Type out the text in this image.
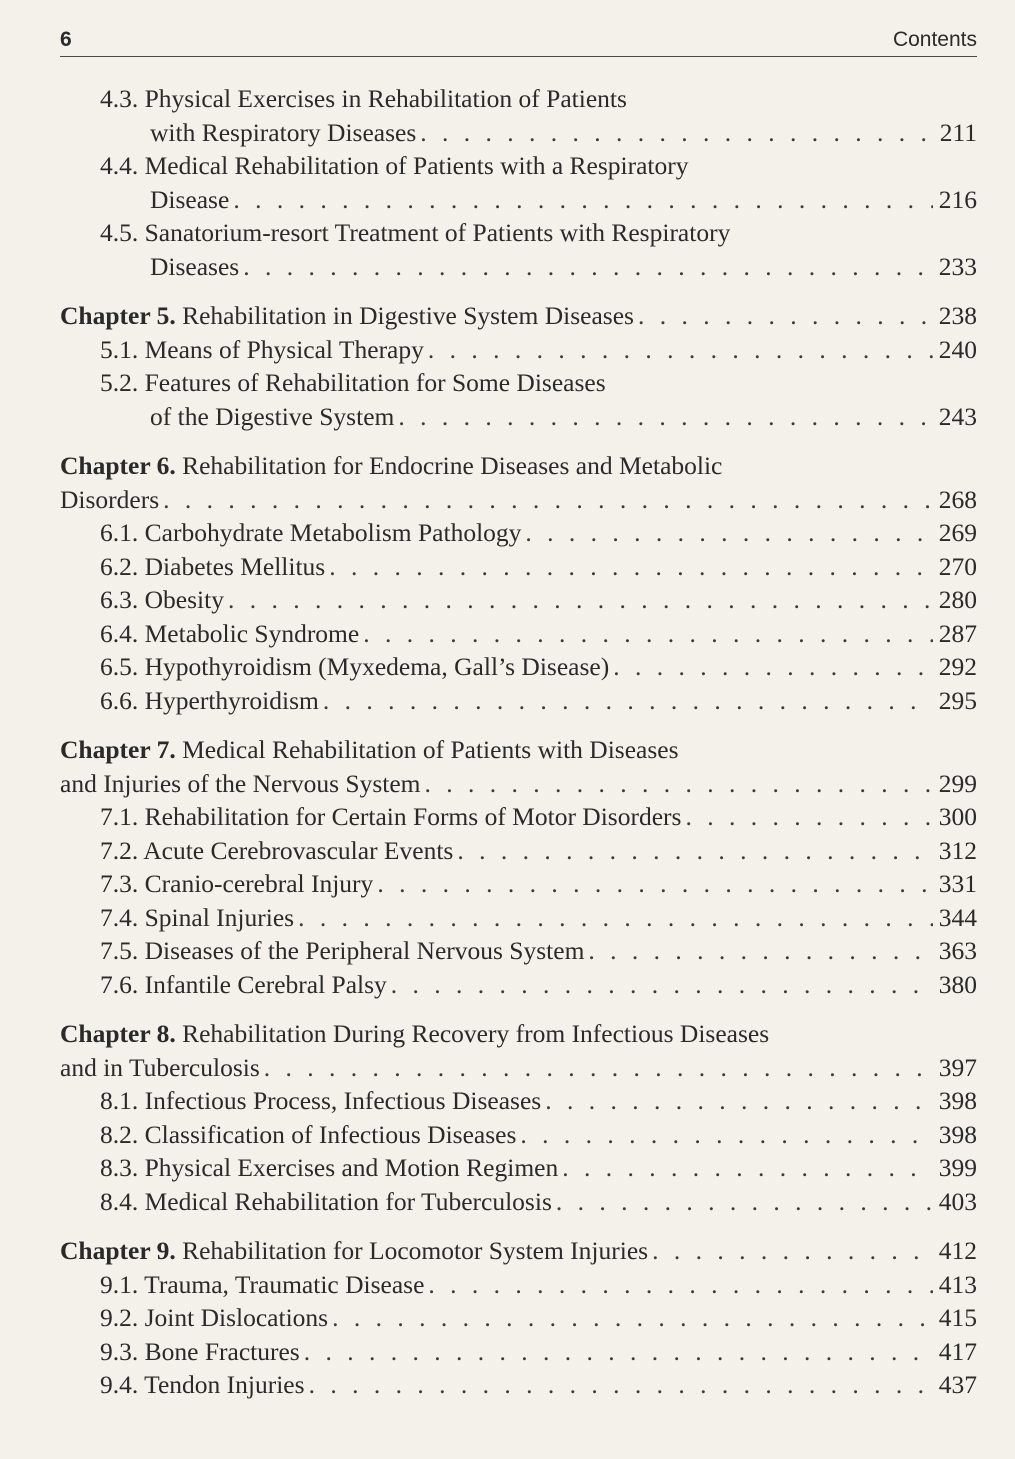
6	Contents
4.3. Physical Exercises in Rehabilitation of Patients
with Respiratory Diseases . . .	211
4.4. Medical Rehabilitation of Patients with a Respiratory
Disease . . .	216
4.5. Sanatorium-resort Treatment of Patients with Respiratory
Diseases . . .	233
Chapter 5. Rehabilitation in Digestive System Diseases . . .	238
5.1. Means of Physical Therapy . . .	240
5.2. Features of Rehabilitation for Some Diseases
of the Digestive System . . .	243
Chapter 6. Rehabilitation for Endocrine Diseases and Metabolic
Disorders . . .	268
6.1. Carbohydrate Metabolism Pathology . . .	269
6.2. Diabetes Mellitus . . .	270
6.3. Obesity . . .	280
6.4. Metabolic Syndrome . . .	287
6.5. Hypothyroidism (Myxedema, Gall’s Disease) . . .	292
6.6. Hyperthyroidism . . .	295
Chapter 7. Medical Rehabilitation of Patients with Diseases
and Injuries of the Nervous System . . .	299
7.1. Rehabilitation for Certain Forms of Motor Disorders . . .	300
7.2. Acute Cerebrovascular Events . . .	312
7.3. Cranio-cerebral Injury . . .	331
7.4. Spinal Injuries . . .	344
7.5. Diseases of the Peripheral Nervous System . . .	363
7.6. Infantile Cerebral Palsy . . .	380
Chapter 8. Rehabilitation During Recovery from Infectious Diseases
and in Tuberculosis . . .	397
8.1. Infectious Process, Infectious Diseases . . .	398
8.2. Classification of Infectious Diseases . . .	398
8.3. Physical Exercises and Motion Regimen . . .	399
8.4. Medical Rehabilitation for Tuberculosis . . .	403
Chapter 9. Rehabilitation for Locomotor System Injuries . . .	412
9.1. Trauma, Traumatic Disease . . .	413
9.2. Joint Dislocations . . .	415
9.3. Bone Fractures . . .	417
9.4. Tendon Injuries . . .	437
